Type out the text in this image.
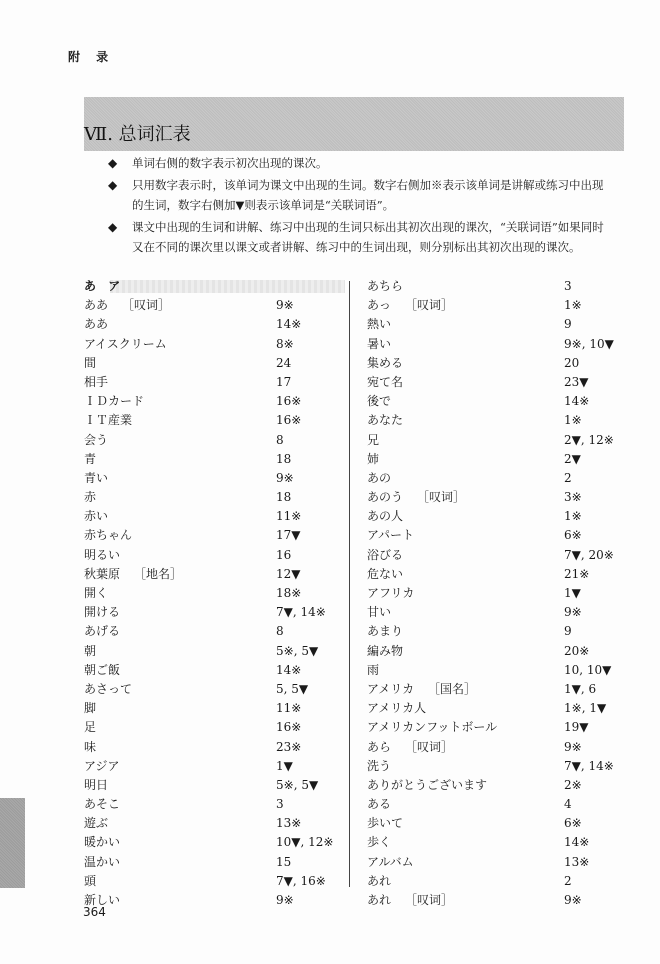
附 录
Ⅶ. 总词汇表
◆	单词右侧的数字表示初次出现的课次。
◆	只用数字表示时，该单词为课文中出现的生词。数字右侧加※表示该单词是讲解或练习中出现的生词，数字右侧加▼则表示该单词是“关联词语”。
◆	课文中出现的生词和讲解、练习中出现的生词只标出其初次出现的课次，“关联词语”如果同时又在不同的课次里以课文或者讲解、练习中的生词出现，则分别标出其初次出现的课次。
あ ア
ああ ［叹词］	9※
ああ	14※
アイスクリーム	8※
間	24
相手	17
ＩＤカード	16※
ＩＴ産業	16※
会う	8
青	18
青い	9※
赤	18
赤い	11※
赤ちゃん	17▼
明るい	16
秋葉原 ［地名］	12▼
開く	18※
開ける	7▼, 14※
あげる	8
朝	5※, 5▼
朝ご飯	14※
あさって	5, 5▼
脚	11※
足	16※
味	23※
アジア	1▼
明日	5※, 5▼
あそこ	3
遊ぶ	13※
暖かい	10▼, 12※
温かい	15
頭	7▼, 16※
新しい	9※
あちら	3
あっ ［叹词］	1※
熱い	9
暑い	9※, 10▼
集める	20
宛て名	23▼
後で	14※
あなた	1※
兄	2▼, 12※
姉	2▼
あの	2
あのう ［叹词］	3※
あの人	1※
アパート	6※
浴びる	7▼, 20※
危ない	21※
アフリカ	1▼
甘い	9※
あまり	9
編み物	20※
雨	10, 10▼
アメリカ ［国名］	1▼, 6
アメリカ人	1※, 1▼
アメリカンフットボール	19▼
あら ［叹词］	9※
洗う	7▼, 14※
ありがとうございます	2※
ある	4
歩いて	6※
歩く	14※
アルバム	13※
あれ	2
あれ ［叹词］	9※
364
